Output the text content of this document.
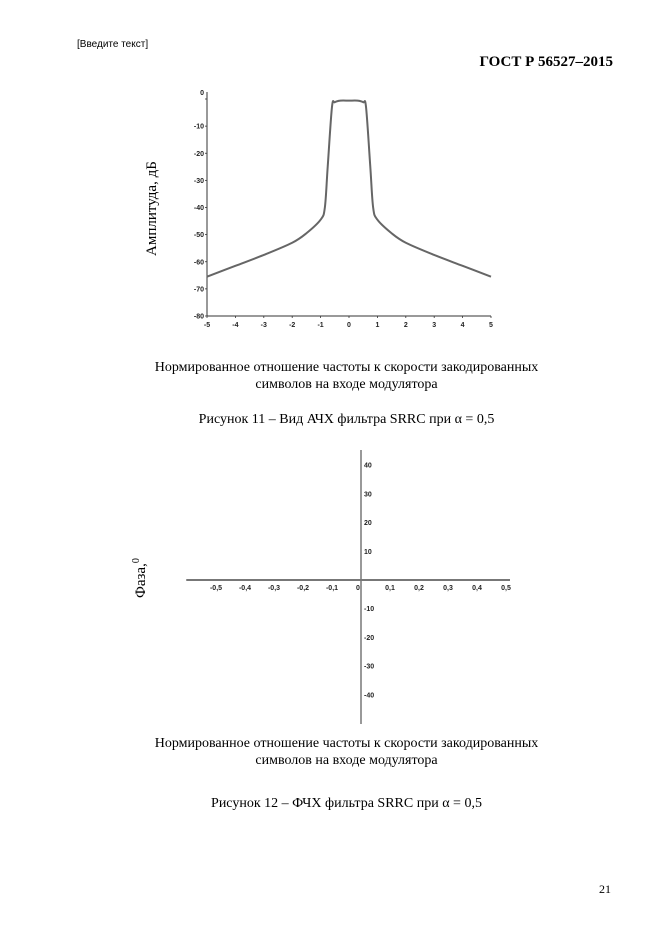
[Введите текст]
ГОСТ Р 56527–2015
Амплитуда, дБ
0
-10
-20
-30
-40
-50
-60
-70
-80
-5	-4	-3	-2	-1	0	1	2	3	4	5
Нормированное отношение частоты к скорости закодированных
символов на входе модулятора
Рисунок 11 – Вид АЧХ фильтра SRRC при α = 0,5
Фаза,$^0$
40
30
20
10
-10
-20
-30
-40
-0,5 -0,4 -0,3 -0,2 -0,1	0	0,1	0,2	0,3	0,4	0,5
Нормированное отношение частоты к скорости закодированных
символов на входе модулятора
Рисунок 12 – ФЧХ фильтра SRRC при α = 0,5
21
